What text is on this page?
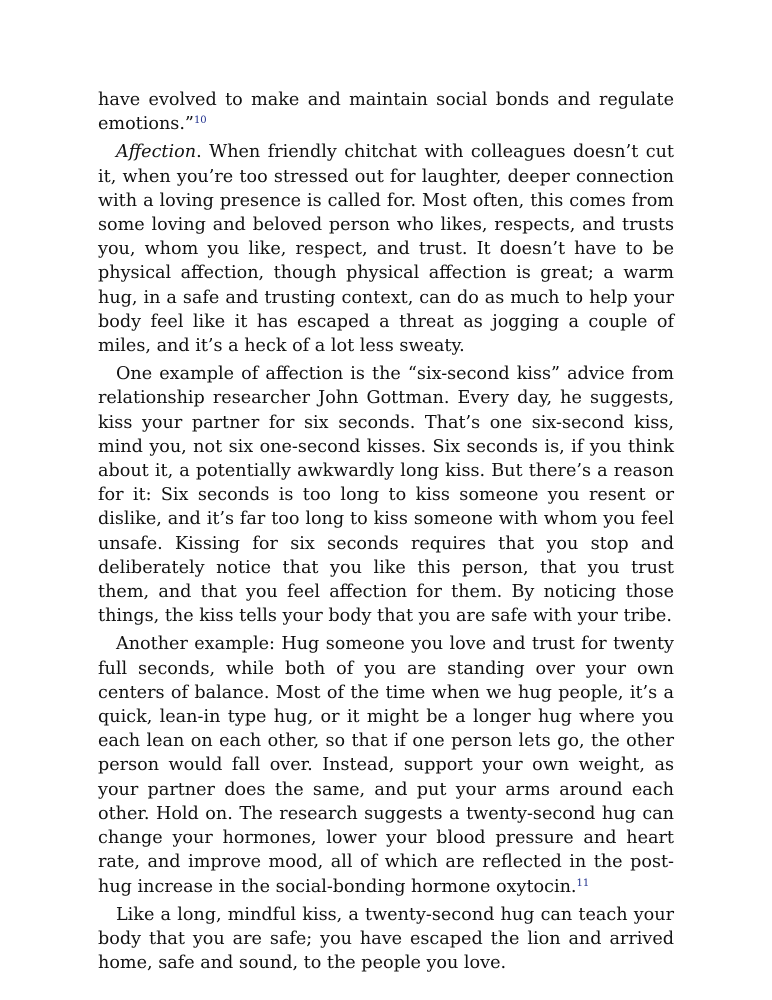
have evolved to make and maintain social bonds and regulate emotions.”$^{10}$

Affection. When friendly chitchat with colleagues doesn’t cut it, when you’re too stressed out for laughter, deeper connection with a loving presence is called for. Most often, this comes from some loving and beloved person who likes, respects, and trusts you, whom you like, respect, and trust. It doesn’t have to be physical affection, though physical affection is great; a warm hug, in a safe and trusting context, can do as much to help your body feel like it has escaped a threat as jogging a couple of miles, and it’s a heck of a lot less sweaty.

One example of affection is the “six-second kiss” advice from relationship researcher John Gottman. Every day, he suggests, kiss your partner for six seconds. That’s one six-second kiss, mind you, not six one-second kisses. Six seconds is, if you think about it, a potentially awkwardly long kiss. But there’s a reason for it: Six seconds is too long to kiss someone you resent or dislike, and it’s far too long to kiss someone with whom you feel unsafe. Kissing for six seconds requires that you stop and deliberately notice that you like this person, that you trust them, and that you feel affection for them. By noticing those things, the kiss tells your body that you are safe with your tribe.

Another example: Hug someone you love and trust for twenty full seconds, while both of you are standing over your own centers of balance. Most of the time when we hug people, it’s a quick, lean-in type hug, or it might be a longer hug where you each lean on each other, so that if one person lets go, the other person would fall over. Instead, support your own weight, as your partner does the same, and put your arms around each other. Hold on. The research suggests a twenty-second hug can change your hormones, lower your blood pressure and heart rate, and improve mood, all of which are reflected in the post-hug increase in the social-bonding hormone oxytocin.$^{11}$

Like a long, mindful kiss, a twenty-second hug can teach your body that you are safe; you have escaped the lion and arrived home, safe and sound, to the people you love.
